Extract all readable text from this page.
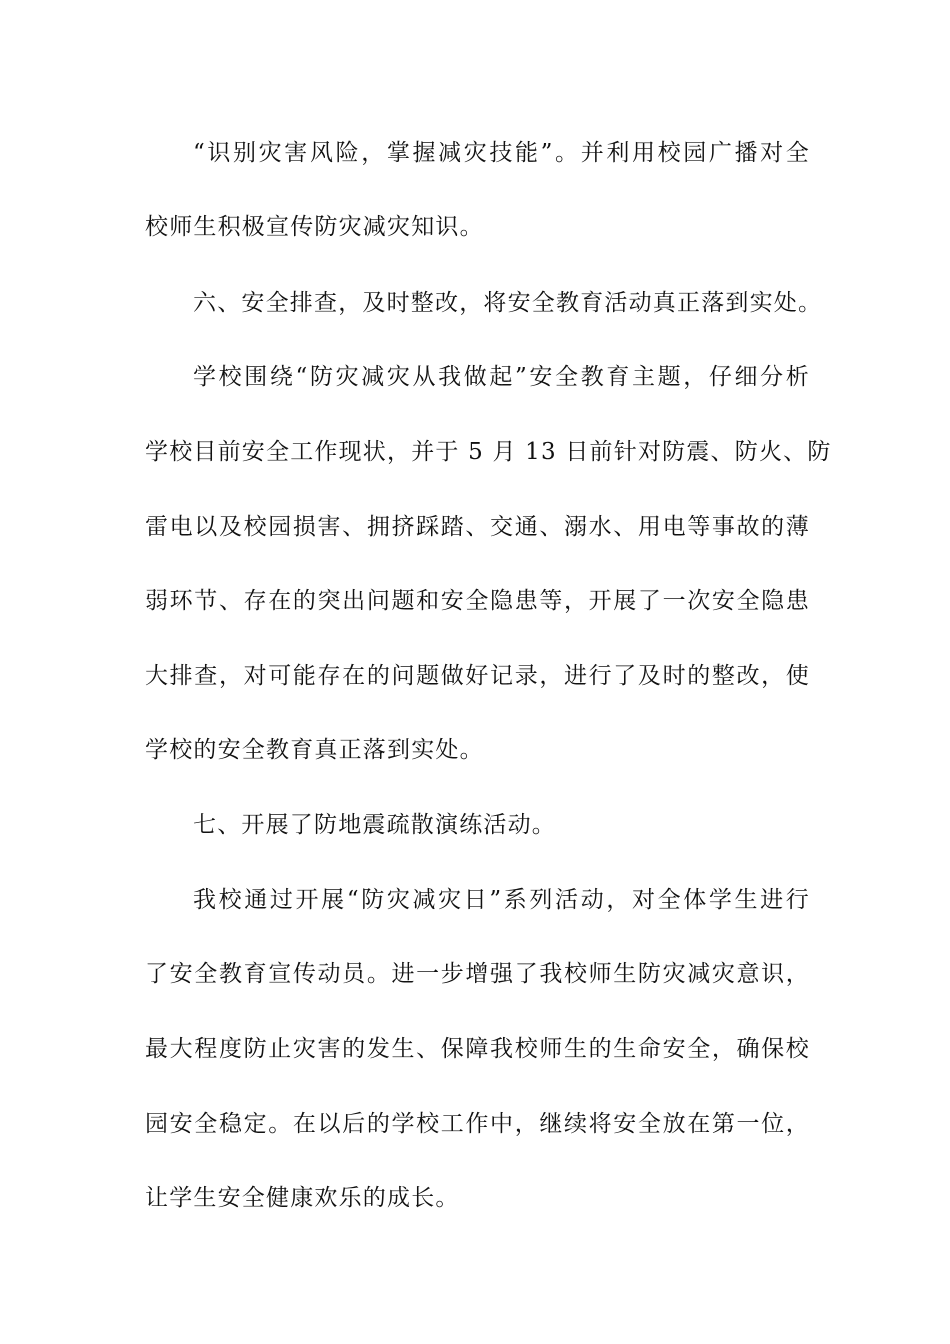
“识别灾害风险，掌握减灾技能”。并利用校园广播对全
校师生积极宣传防灾减灾知识。
六、安全排查，及时整改，将安全教育活动真正落到实处。
学校围绕“防灾减灾从我做起”安全教育主题，仔细分析
学校目前安全工作现状，并于 5 月 13 日前针对防震、防火、防
雷电以及校园损害、拥挤踩踏、交通、溺水、用电等事故的薄
弱环节、存在的突出问题和安全隐患等，开展了一次安全隐患
大排查，对可能存在的问题做好记录，进行了及时的整改，使
学校的安全教育真正落到实处。
七、开展了防地震疏散演练活动。
我校通过开展“防灾减灾日”系列活动，对全体学生进行
了安全教育宣传动员。进一步增强了我校师生防灾减灾意识，
最大程度防止灾害的发生、保障我校师生的生命安全，确保校
园安全稳定。在以后的学校工作中，继续将安全放在第一位，
让学生安全健康欢乐的成长。
